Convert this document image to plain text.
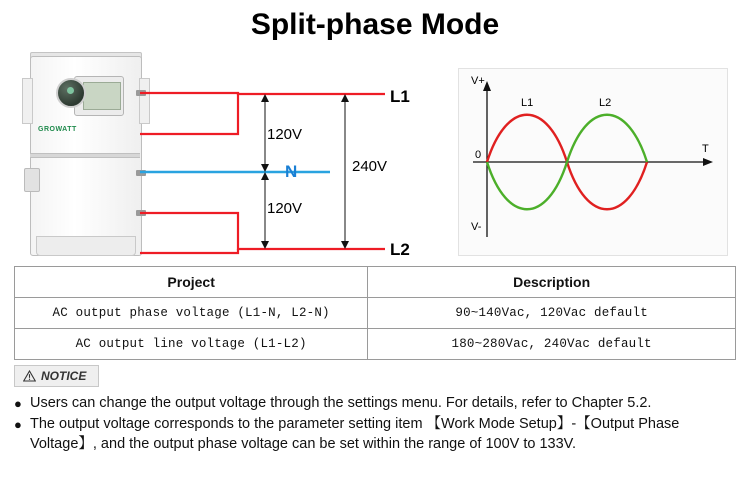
Split-phase Mode
GROWATT
L1
L2
N
120V
120V
240V
V+
V-
T
0
L1	L2
Project	Description
AC output phase voltage (L1-N, L2-N)	90~140Vac, 120Vac default
AC output line voltage (L1-L2)	180~280Vac, 240Vac default
NOTICE
● Users can change the output voltage through the settings menu. For details, refer to Chapter 5.2.
● The output voltage corresponds to the parameter setting item 【Work Mode Setup】-【Output Phase Voltage】, and the output phase voltage can be set within the range of 100V to 133V.
